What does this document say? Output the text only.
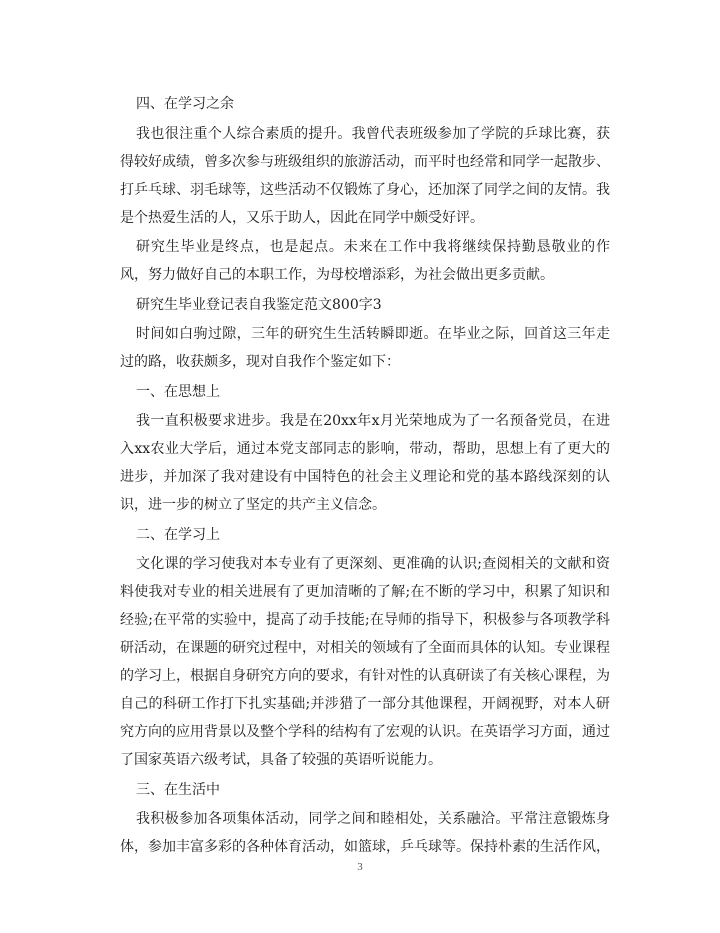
四、在学习之余

我也很注重个人综合素质的提升。我曾代表班级参加了学院的乒球比赛，获得较好成绩，曾多次参与班级组织的旅游活动，而平时也经常和同学一起散步、打乒乓球、羽毛球等，这些活动不仅锻炼了身心，还加深了同学之间的友情。我是个热爱生活的人，又乐于助人，因此在同学中颇受好评。

研究生毕业是终点，也是起点。未来在工作中我将继续保持勤恳敬业的作风，努力做好自己的本职工作，为母校增添彩，为社会做出更多贡献。

研究生毕业登记表自我鉴定范文800字3

时间如白驹过隙，三年的研究生生活转瞬即逝。在毕业之际，回首这三年走过的路，收获颇多，现对自我作个鉴定如下：

一、在思想上

我一直积极要求进步。我是在20xx年x月光荣地成为了一名预备党员，在进入xx农业大学后，通过本党支部同志的影响，带动，帮助，思想上有了更大的进步，并加深了我对建设有中国特色的社会主义理论和党的基本路线深刻的认识，进一步的树立了坚定的共产主义信念。

二、在学习上

文化课的学习使我对本专业有了更深刻、更准确的认识;查阅相关的文献和资料使我对专业的相关进展有了更加清晰的了解;在不断的学习中，积累了知识和经验;在平常的实验中，提高了动手技能;在导师的指导下，积极参与各项教学科研活动，在课题的研究过程中，对相关的领域有了全面而具体的认知。专业课程的学习上，根据自身研究方向的要求，有针对性的认真研读了有关核心课程，为自己的科研工作打下扎实基础;并涉猎了一部分其他课程，开阔视野，对本人研究方向的应用背景以及整个学科的结构有了宏观的认识。在英语学习方面，通过了国家英语六级考试，具备了较强的英语听说能力。

三、在生活中

我积极参加各项集体活动，同学之间和睦相处，关系融洽。平常注意锻炼身体，参加丰富多彩的各种体育活动，如篮球，乒乓球等。保持朴素的生活作风，

3
